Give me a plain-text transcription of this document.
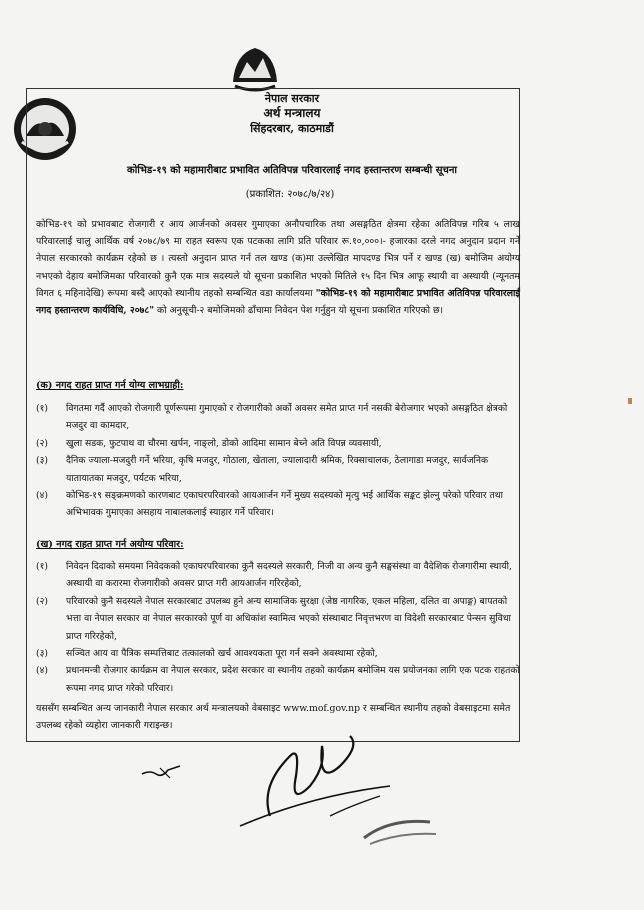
नेपाल सरकार
अर्थ मन्त्रालय
सिंहदरबार, काठमाडौं
कोभिड-१९ को महामारीबाट प्रभावित अतिविपन्न परिवारलाई नगद हस्तान्तरण सम्बन्धी सूचना
(प्रकाशित: २०७८/७/२४)
कोभिड-१९ को प्रभावबाट रोजगारी र आय आर्जनको अवसर गुमाएका अनौपचारिक तथा असङ्गठित क्षेत्रमा रहेका अतिविपन्न गरिब ५ लाख परिवारलाई चालु आर्थिक वर्ष २०७८/७९ मा राहत स्वरूप एक पटकका लागि प्रति परिवार रू.१०,०००।- हजारका दरले नगद अनुदान प्रदान गर्ने नेपाल सरकारको कार्यक्रम रहेको छ । त्यस्तो अनुदान प्राप्त गर्न तल खण्ड (क)मा उल्लेखित मापदण्ड भित्र पर्ने र खण्ड (ख) बमोजिम अयोग्य नभएको देहाय बमोजिमका परिवारको कुनै एक मात्र सदस्यले यो सूचना प्रकाशित भएको मितिले १५ दिन भित्र आफू स्थायी वा अस्थायी (न्यूनतम विगत ६ महिनादेखि) रूपमा बस्दै आएको स्थानीय तहको सम्बन्धित वडा कार्यालयमा "कोभिड-१९ को महामारीबाट प्रभावित अतिविपन्न परिवारलाई नगद हस्तान्तरण कार्यविधि, २०७८" को अनुसूची-२ बमोजिमको ढाँचामा निवेदन पेश गर्नुहुन यो सूचना प्रकाशित गरिएको छ।
(क) नगद राहत प्राप्त गर्न योग्य लाभग्राही:
(१) विगतमा गर्दै आएको रोजगारी पूर्णरूपमा गुमाएको र रोजगारीको अर्को अवसर समेत प्राप्त गर्न नसकी बेरोजगार भएको असङ्गठित क्षेत्रको मजदुर वा कामदार,
(२) खुला सडक, फुटपाथ वा चौरमा खर्पन, नाङ्लो, डोको आदिमा सामान बेच्ने अति विपन्न व्यवसायी,
(३) दैनिक ज्याला-मजदुरी गर्ने भरिया, कृषि मजदुर, गोठाला, खेताला, ज्यालादारी श्रमिक, रिक्साचालक, ठेलागाडा मजदुर, सार्वजनिक यातायातका मजदुर, पर्यटक भरिया,
(४) कोभिड-१९ सङ्क्रमणको कारणबाट एकाघरपरिवारको आयआर्जन गर्ने मुख्य सदस्यको मृत्यु भई आर्थिक सङ्कट झेल्नु परेको परिवार तथा अभिभावक गुमाएका असहाय नाबालकलाई स्याहार गर्ने परिवार।
(ख) नगद राहत प्राप्त गर्न अयोग्य परिवार:
(१) निवेदन दिदाको समयमा निवेदकको एकाघरपरिवारका कुनै सदस्यले सरकारी, निजी वा अन्य कुनै सङ्घसंस्था वा वैदेशिक रोजगारीमा स्थायी, अस्थायी वा करारमा रोजगारीको अवसर प्राप्त गरी आयआर्जन गरिरहेको,
(२) परिवारको कुनै सदस्यले नेपाल सरकारबाट उपलब्ध हुने अन्य सामाजिक सुरक्षा (जेष्ठ नागरिक, एकल महिला, दलित वा अपाङ्ग) बापतको भत्ता वा नेपाल सरकार वा नेपाल सरकारको पूर्ण वा अधिकांश स्वामित्व भएको संस्थाबाट निवृत्तभरण वा विदेशी सरकारबाट पेन्सन सुविधा प्राप्त गरिरहेको,
(३) सञ्चित आय वा पैत्रिक सम्पत्तिबाट तत्कालको खर्च आवश्यकता पूरा गर्न सक्ने अवस्थामा रहेको,
(४) प्रधानमन्त्री रोजगार कार्यक्रम वा नेपाल सरकार, प्रदेश सरकार वा स्थानीय तहको कार्यक्रम बमोजिम यस प्रयोजनका लागि एक पटक राहतको रूपमा नगद प्राप्त गरेको परिवार।
यससँग सम्बन्धित अन्य जानकारी नेपाल सरकार अर्थ मन्त्रालयको वेबसाइट www.mof.gov.np र सम्बन्धित स्थानीय तहको वेबसाइटमा समेत उपलब्ध रहेको व्यहोरा जानकारी गराइन्छ।
